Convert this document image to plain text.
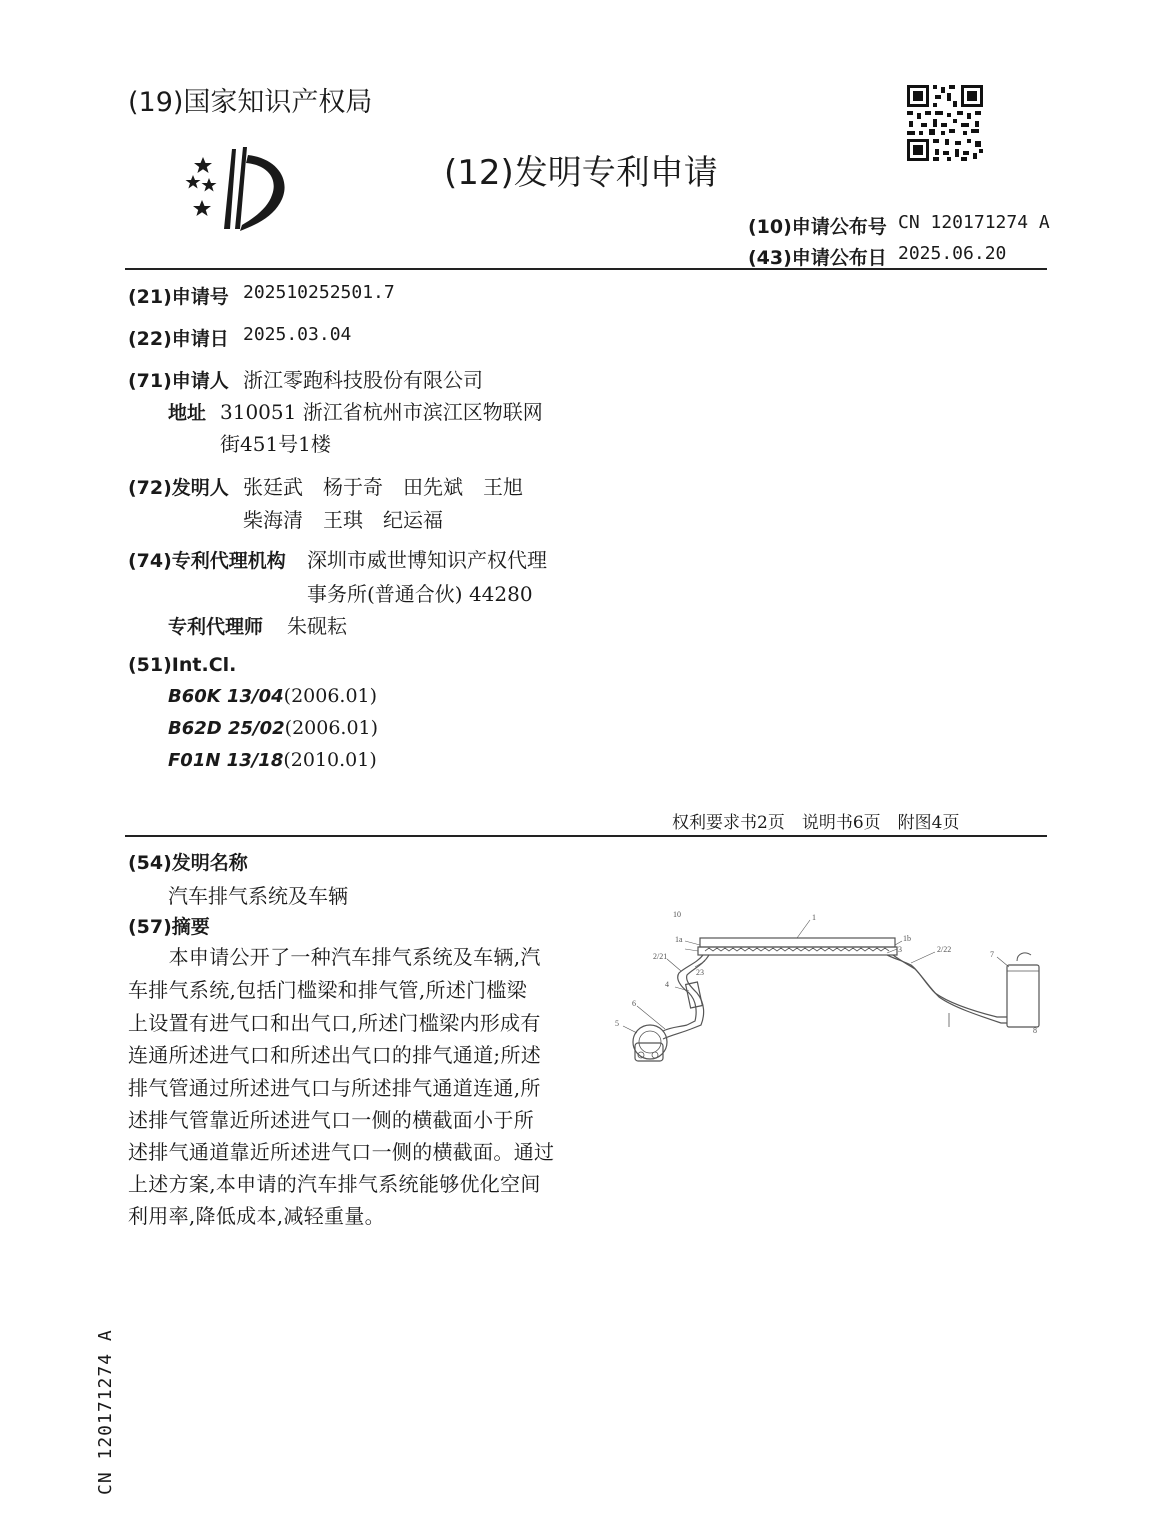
(19)国家知识产权局
(12)发明专利申请
(10)申请公布号 CN 120171274 A
(43)申请公布日 2025.06.20
(21)申请号 202510252501.7
(22)申请日 2025.03.04
(71)申请人 浙江零跑科技股份有限公司
地址 310051 浙江省杭州市滨江区物联网
街451号1楼
(72)发明人 张廷武　杨于奇　田先斌　王旭
柴海清　王琪　纪运福
(74)专利代理机构 深圳市威世博知识产权代理
事务所(普通合伙) 44280
专利代理师 朱砚耘
(51)Int.Cl.
B60K 13/04(2006.01)
B62D 25/02(2006.01)
F01N 13/18(2010.01)
权利要求书2页　说明书6页　附图4页
(54)发明名称
汽车排气系统及车辆
(57)摘要
　　本申请公开了一种汽车排气系统及车辆,汽
车排气系统,包括门槛梁和排气管,所述门槛梁
上设置有进气口和出气口,所述门槛梁内形成有
连通所述进气口和所述出气口的排气通道;所述
排气管通过所述进气口与所述排气通道连通,所
述排气管靠近所述进气口一侧的横截面小于所
述排气通道靠近所述进气口一侧的横截面。通过
上述方案,本申请的汽车排气系统能够优化空间
利用率,降低成本,减轻重量。
10	1
1a	1b
2/21
2/22
23
3
4
5
6
7
8
CN 120171274 A
